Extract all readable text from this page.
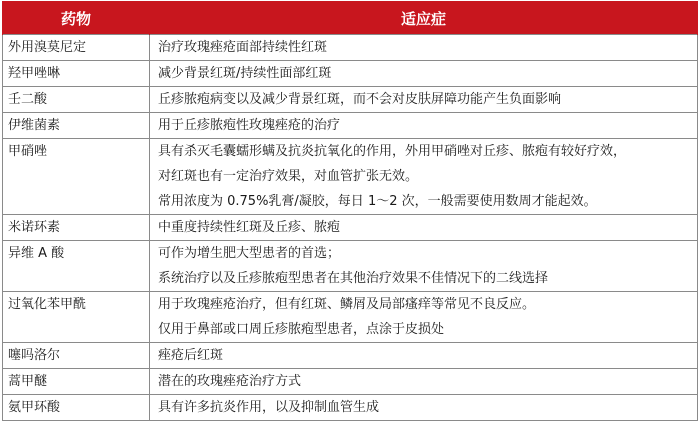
药物	适应症
外用溴莫尼定	治疗玫瑰痤疮面部持续性红斑

羟甲唑啉	减少背景红斑/持续性面部红斑

壬二酸	丘疹脓疱病变以及减少背景红斑，而不会对皮肤屏障功能产生负面影响

伊维菌素	用于丘疹脓疱性玫瑰痤疮的治疗

甲硝唑	具有杀灭毛囊蠕形螨及抗炎抗氧化的作用，外用甲硝唑对丘疹、脓疱有较好疗效，
对红斑也有一定治疗效果，对血管扩张无效。
常用浓度为 0.75%乳膏/凝胶，每日 1～2 次，一般需要使用数周才能起效。

米诺环素	中重度持续性红斑及丘疹、脓疱

异维 A 酸	可作为增生肥大型患者的首选；
系统治疗以及丘疹脓疱型患者在其他治疗效果不佳情况下的二线选择

过氧化苯甲酰	用于玫瑰痤疮治疗，但有红斑、鳞屑及局部瘙痒等常见不良反应。
仅用于鼻部或口周丘疹脓疱型患者，点涂于皮损处

噻吗洛尔	痤疮后红斑

蒿甲醚	潜在的玫瑰痤疮治疗方式

氨甲环酸	具有许多抗炎作用，以及抑制血管生成
